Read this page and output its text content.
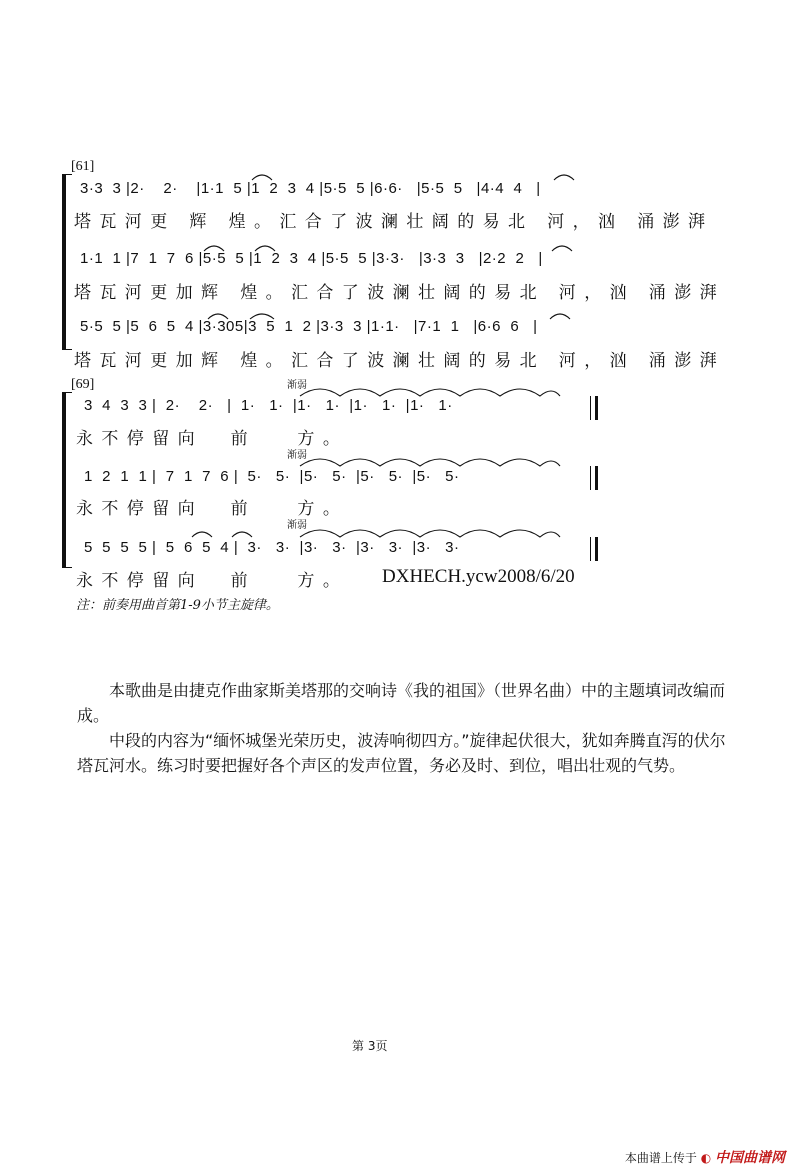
[61]
3·3  3 |2·    2·    |1·1  5 |1  2  3  4 |5·5  5 |6·6·   |5·5  5   |4·4  4   |
塔瓦河更 辉 煌。汇合了波澜壮阔的易北 河，汹 涌澎湃
1·1  1 |7  1  7  6 |5·5  5 |1  2  3  4 |5·5  5 |3·3·   |3·3  3   |2·2  2   |
塔瓦河更加辉 煌。汇合了波澜壮阔的易北 河，汹 涌澎湃
5·5  5 |5  6  5  4 |3·305|3  5  1  2 |3·3  3 |1·1·   |7·1  1   |6·6  6   |
塔瓦河更加辉 煌。汇合了波澜壮阔的易北 河，汹 涌澎湃
[69]	渐弱
3  4  3  3 |  2·    2·   |  1·   1·  |1·   1·  |1·   1·  |1·   1·
永不停留向  前   方。
渐弱
1  2  1  1 |  7  1  7  6 |  5·   5·  |5·   5·  |5·   5·  |5·   5·
永不停留向  前   方。
渐弱
5  5  5  5 |  5  6  5  4 |  3·   3·  |3·   3·  |3·   3·  |3·   3·
永不停留向  前   方。 DXHECH.ycw2008/6/20
注：前奏用曲首第1-9小节主旋律。

本歌曲是由捷克作曲家斯美塔那的交响诗《我的祖国》（世界名曲）中的主题填词改编而成。

中段的内容为“缅怀城堡光荣历史，波涛响彻四方。”旋律起伏很大，犹如奔腾直泻的伏尔塔瓦河水。练习时要把握好各个声区的发声位置，务必及时、到位，唱出壮观的气势。

第 3页
本曲谱上传于 ◐ 中国曲谱网
